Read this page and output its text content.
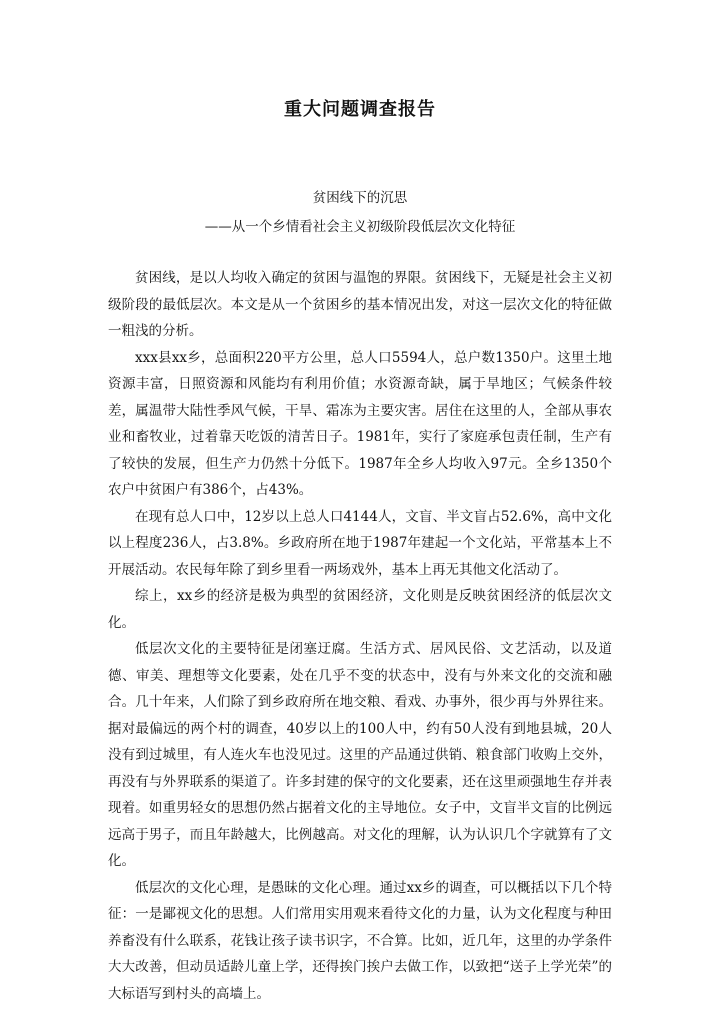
重大问题调查报告
贫困线下的沉思
——从一个乡情看社会主义初级阶段低层次文化特征

贫困线，是以人均收入确定的贫困与温饱的界限。贫困线下，无疑是社会主义初级阶段的最低层次。本文是从一个贫困乡的基本情况出发，对这一层次文化的特征做一粗浅的分析。

xxx县xx乡，总面积220平方公里，总人口5594人，总户数1350户。这里土地资源丰富，日照资源和风能均有利用价值；水资源奇缺，属于旱地区；气候条件较差，属温带大陆性季风气候，干旱、霜冻为主要灾害。居住在这里的人，全部从事农业和畜牧业，过着靠天吃饭的清苦日子。1981年，实行了家庭承包责任制，生产有了较快的发展，但生产力仍然十分低下。1987年全乡人均收入97元。全乡1350个农户中贫困户有386个，占43%。

在现有总人口中，12岁以上总人口4144人，文盲、半文盲占52.6%，高中文化以上程度236人，占3.8%。乡政府所在地于1987年建起一个文化站，平常基本上不开展活动。农民每年除了到乡里看一两场戏外，基本上再无其他文化活动了。

综上，xx乡的经济是极为典型的贫困经济，文化则是反映贫困经济的低层次文化。

低层次文化的主要特征是闭塞迂腐。生活方式、居风民俗、文艺活动，以及道德、审美、理想等文化要素，处在几乎不变的状态中，没有与外来文化的交流和融合。几十年来，人们除了到乡政府所在地交粮、看戏、办事外，很少再与外界往来。据对最偏远的两个村的调查，40岁以上的100人中，约有50人没有到地县城，20人没有到过城里，有人连火车也没见过。这里的产品通过供销、粮食部门收购上交外，再没有与外界联系的渠道了。许多封建的保守的文化要素，还在这里顽强地生存并表现着。如重男轻女的思想仍然占据着文化的主导地位。女子中，文盲半文盲的比例远远高于男子，而且年龄越大，比例越高。对文化的理解，认为认识几个字就算有了文化。

低层次的文化心理，是愚昧的文化心理。通过xx乡的调查，可以概括以下几个特征：一是鄙视文化的思想。人们常用实用观来看待文化的力量，认为文化程度与种田养畜没有什么联系，花钱让孩子读书识字，不合算。比如，近几年，这里的办学条件大大改善，但动员适龄儿童上学，还得挨门挨户去做工作，以致把“送子上学光荣”的大标语写到村头的高墙上。
